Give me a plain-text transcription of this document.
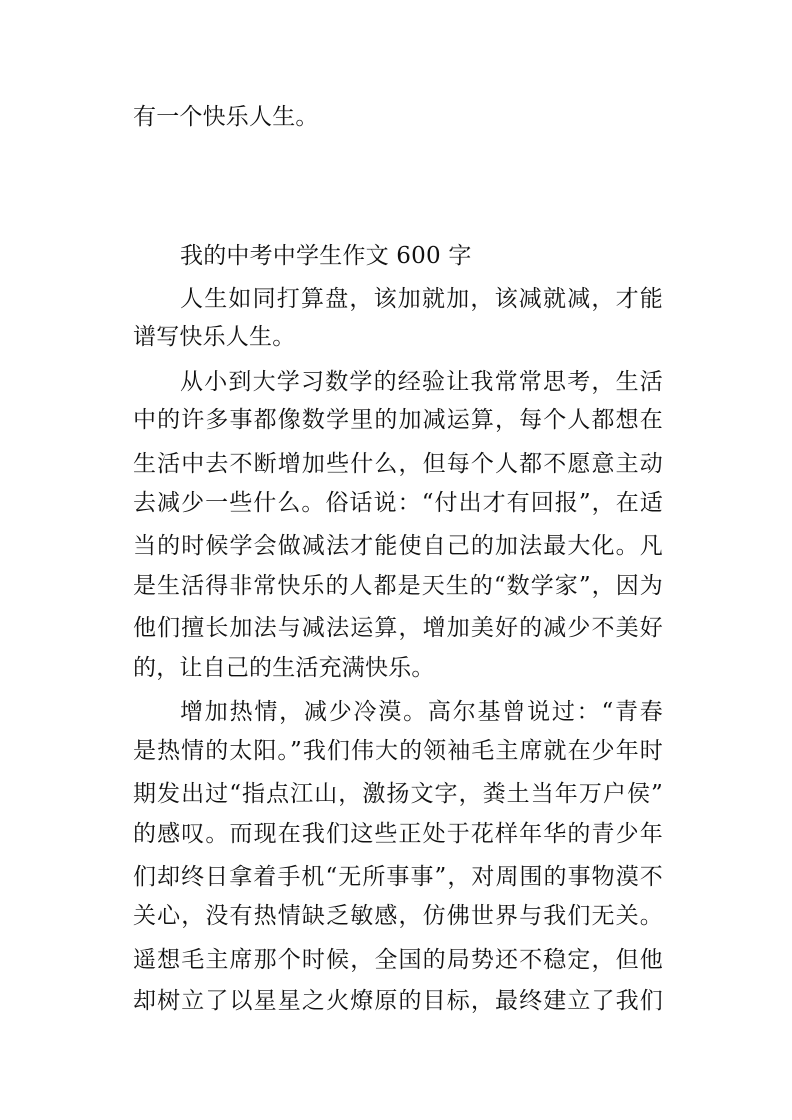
有一个快乐人生。
我的中考中学生作文 600 字
人生如同打算盘，该加就加，该减就减，才能
谱写快乐人生。
从小到大学习数学的经验让我常常思考，生活
中的许多事都像数学里的加减运算，每个人都想在
生活中去不断增加些什么，但每个人都不愿意主动
去减少一些什么。俗话说：“付出才有回报”，在适
当的时候学会做减法才能使自己的加法最大化。凡
是生活得非常快乐的人都是天生的“数学家”，因为
他们擅长加法与减法运算，增加美好的减少不美好
的，让自己的生活充满快乐。
增加热情，减少冷漠。高尔基曾说过：“青春
是热情的太阳。”我们伟大的领袖毛主席就在少年时
期发出过“指点江山，激扬文字，粪土当年万户侯”
的感叹。而现在我们这些正处于花样年华的青少年
们却终日拿着手机“无所事事”，对周围的事物漠不
关心，没有热情缺乏敏感，仿佛世界与我们无关。
遥想毛主席那个时候，全国的局势还不稳定，但他
却树立了以星星之火燎原的目标，最终建立了我们
